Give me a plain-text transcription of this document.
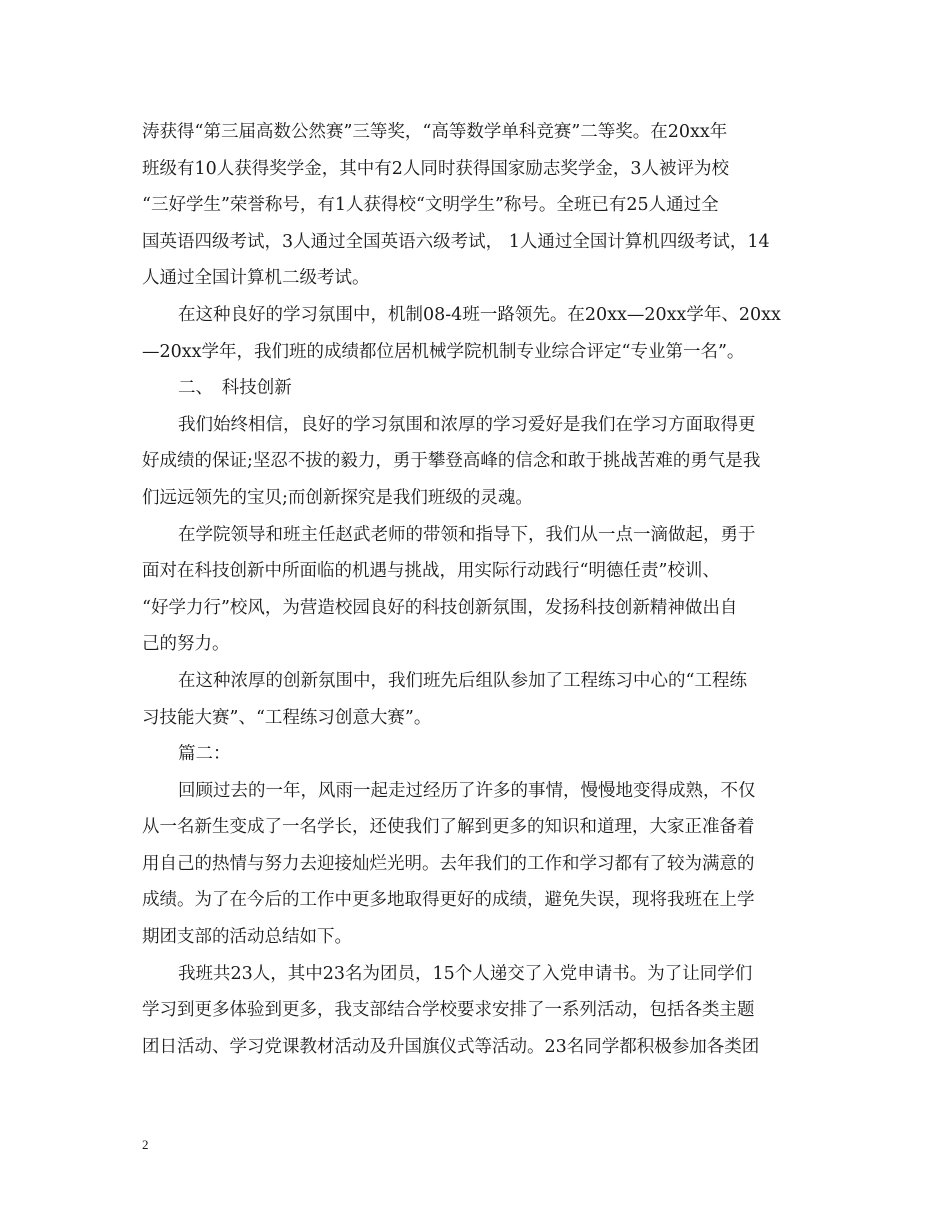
涛获得“第三届高数公然赛”三等奖，“高等数学单科竞赛”二等奖。在20xx年
班级有10人获得奖学金，其中有2人同时获得国家励志奖学金，3人被评为校
“三好学生”荣誉称号，有1人获得校“文明学生”称号。全班已有25人通过全
国英语四级考试，3人通过全国英语六级考试， 1人通过全国计算机四级考试，14
人通过全国计算机二级考试。
在这种良好的学习氛围中，机制08-4班一路领先。在20xx—20xx学年、20xx
—20xx学年，我们班的成绩都位居机械学院机制专业综合评定“专业第一名”。
二、　科技创新
我们始终相信，良好的学习氛围和浓厚的学习爱好是我们在学习方面取得更
好成绩的保证;坚忍不拔的毅力，勇于攀登高峰的信念和敢于挑战苦难的勇气是我
们远远领先的宝贝;而创新探究是我们班级的灵魂。
在学院领导和班主任赵武老师的带领和指导下，我们从一点一滴做起，勇于
面对在科技创新中所面临的机遇与挑战，用实际行动践行“明德任责”校训、
“好学力行”校风，为营造校园良好的科技创新氛围，发扬科技创新精神做出自
己的努力。
在这种浓厚的创新氛围中，我们班先后组队参加了工程练习中心的“工程练
习技能大赛”、“工程练习创意大赛”。
篇二：
回顾过去的一年，风雨一起走过经历了许多的事情，慢慢地变得成熟，不仅
从一名新生变成了一名学长，还使我们了解到更多的知识和道理，大家正准备着
用自己的热情与努力去迎接灿烂光明。去年我们的工作和学习都有了较为满意的
成绩。为了在今后的工作中更多地取得更好的成绩，避免失误，现将我班在上学
期团支部的活动总结如下。
我班共23人，其中23名为团员，15个人递交了入党申请书。为了让同学们
学习到更多体验到更多，我支部结合学校要求安排了一系列活动，包括各类主题
团日活动、学习党课教材活动及升国旗仪式等活动。23名同学都积极参加各类团
2
